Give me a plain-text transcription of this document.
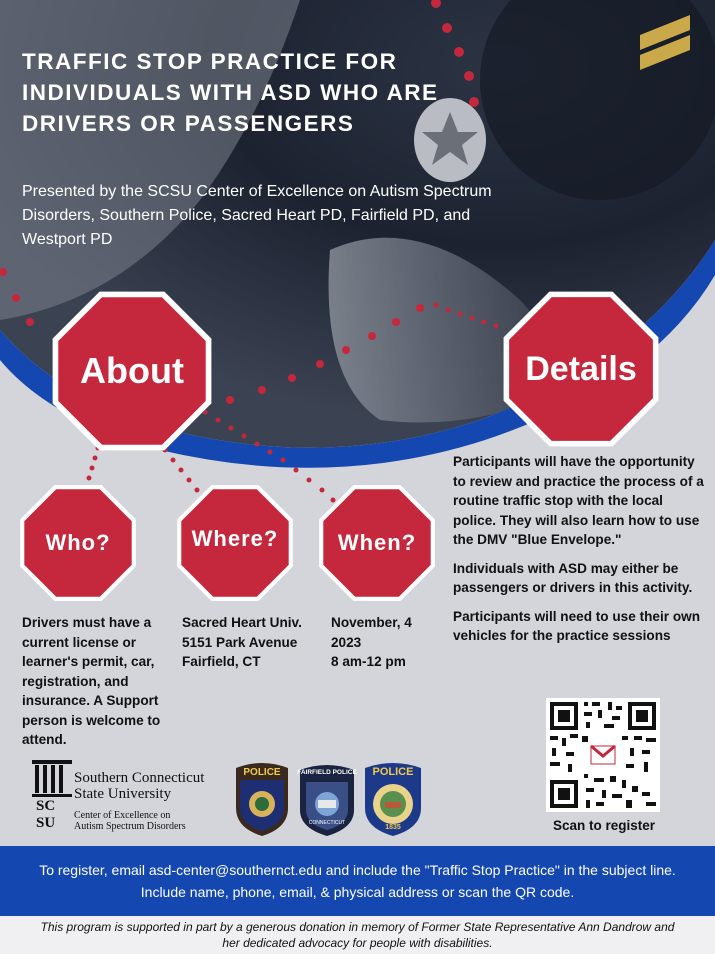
TRAFFIC STOP PRACTICE FOR INDIVIDUALS WITH ASD WHO ARE DRIVERS OR PASSENGERS

Presented by the SCSU Center of Excellence on Autism Spectrum Disorders, Southern Police, Sacred Heart PD, Fairfield PD, and Westport PD

About	Details
Who?	Where?	When?

Drivers must have a current license or learner's permit, car, registration, and insurance. A Support person is welcome to attend.

Sacred Heart Univ.
5151 Park Avenue
Fairfield, CT
November, 4
2023
8 am-12 pm

Participants will have the opportunity to review and practice the process of a routine traffic stop with the local police. They will also learn how to use the DMV "Blue Envelope."

Individuals with ASD may either be passengers or drivers in this activity.

Participants will need to use their own vehicles for the practice sessions

SC
SU
Southern Connecticut
State University
Center of Excellence on
Autism Spectrum Disorders
POLICE	FAIRFIELD POLICE
CONNECTICUT
POLICE
1835	Scan to register
To register, email asd-center@southernct.edu and include the "Traffic Stop Practice" in the subject line. Include name, phone, email, & physical address or scan the QR code.
This program is supported in part by a generous donation in memory of Former State Representative Ann Dandrow and her dedicated advocacy for people with disabilities.
